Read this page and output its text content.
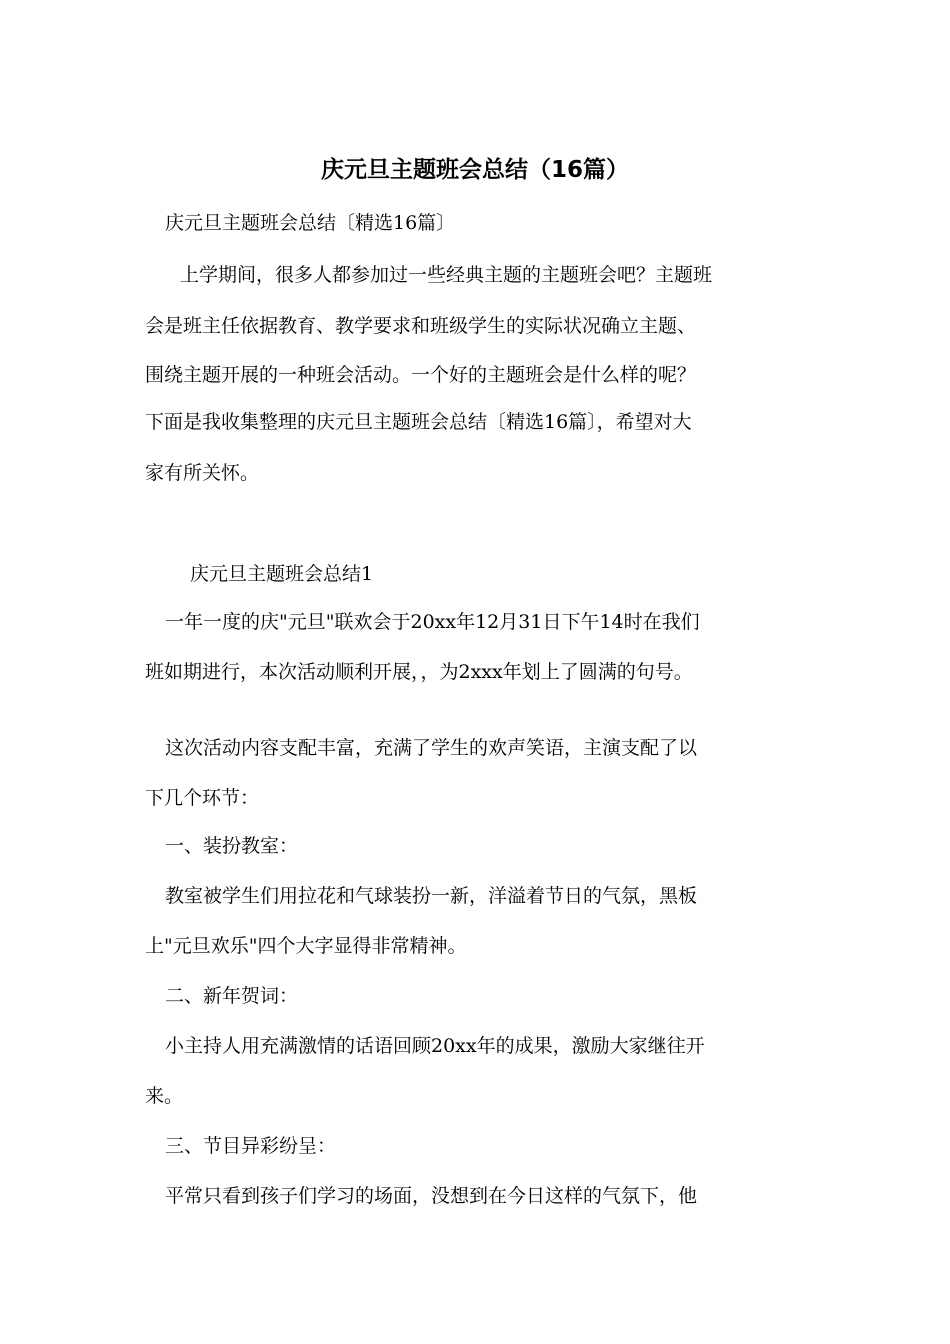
庆元旦主题班会总结（16篇）

庆元旦主题班会总结〔精选16篇〕

上学期间，很多人都参加过一些经典主题的主题班会吧？主题班

会是班主任依据教育、教学要求和班级学生的实际状况确立主题、

围绕主题开展的一种班会活动。一个好的主题班会是什么样的呢？

下面是我收集整理的庆元旦主题班会总结〔精选16篇〕，希望对大

家有所关怀。

庆元旦主题班会总结1

一年一度的庆"元旦"联欢会于20xx年12月31日下午14时在我们

班如期进行，本次活动顺利开展，，为2xxx年划上了圆满的句号。

这次活动内容支配丰富，充满了学生的欢声笑语，主演支配了以

下几个环节：

一、装扮教室：

教室被学生们用拉花和气球装扮一新，洋溢着节日的气氛，黑板

上"元旦欢乐"四个大字显得非常精神。

二、新年贺词：

小主持人用充满激情的话语回顾20xx年的成果，激励大家继往开

来。

三、节目异彩纷呈：

平常只看到孩子们学习的场面，没想到在今日这样的气氛下，他
